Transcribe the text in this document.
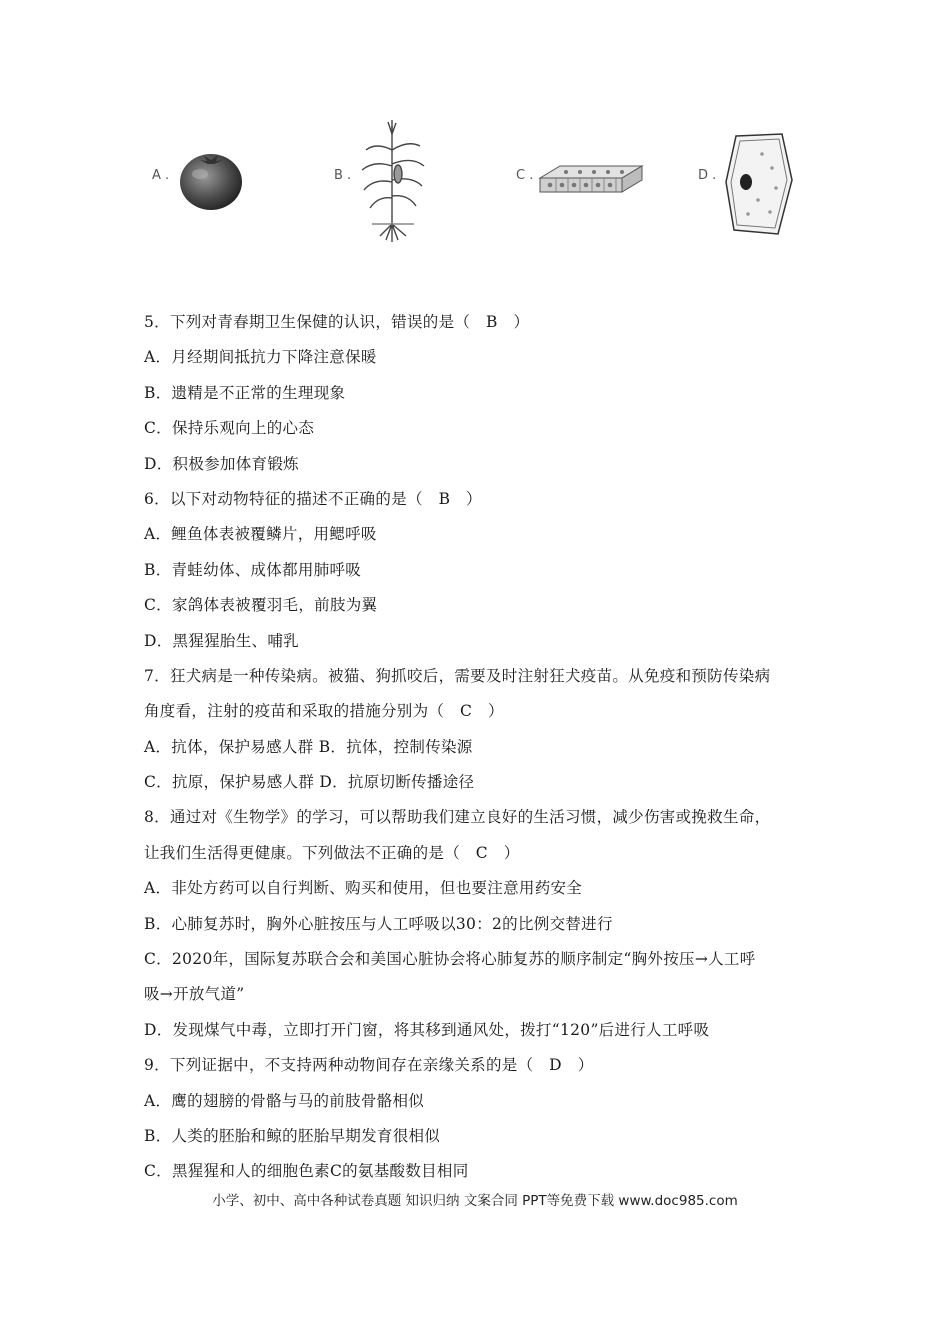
A .	B .	C .	D .
5．下列对青春期卫生保健的认识，错误的是（　B　）
A．月经期间抵抗力下降注意保暖
B．遗精是不正常的生理现象
C．保持乐观向上的心态
D．积极参加体育锻炼
6．以下对动物特征的描述不正确的是（　B　）
A．鲤鱼体表被覆鳞片，用鳃呼吸
B．青蛙幼体、成体都用肺呼吸
C．家鸽体表被覆羽毛，前肢为翼
D．黑猩猩胎生、哺乳
7．狂犬病是一种传染病。被猫、狗抓咬后，需要及时注射狂犬疫苗。从免疫和预防传染病
角度看，注射的疫苗和采取的措施分别为（　C　）
A．抗体，保护易感人群 B．抗体，控制传染源
C．抗原，保护易感人群 D．抗原切断传播途径
8．通过对《生物学》的学习，可以帮助我们建立良好的生活习惯，减少伤害或挽救生命，
让我们生活得更健康。下列做法不正确的是（　C　）
A．非处方药可以自行判断、购买和使用，但也要注意用药安全
B．心肺复苏时，胸外心脏按压与人工呼吸以30：2的比例交替进行
C．2020年，国际复苏联合会和美国心脏协会将心肺复苏的顺序制定“胸外按压→人工呼
吸→开放气道”
D．发现煤气中毒，立即打开门窗，将其移到通风处，拨打“120”后进行人工呼吸
9．下列证据中，不支持两种动物间存在亲缘关系的是（　D　）
A．鹰的翅膀的骨骼与马的前肢骨骼相似
B．人类的胚胎和鲸的胚胎早期发育很相似
C．黑猩猩和人的细胞色素C的氨基酸数目相同
小学、初中、高中各种试卷真题 知识归纳 文案合同 PPT等免费下载 www.doc985.com
